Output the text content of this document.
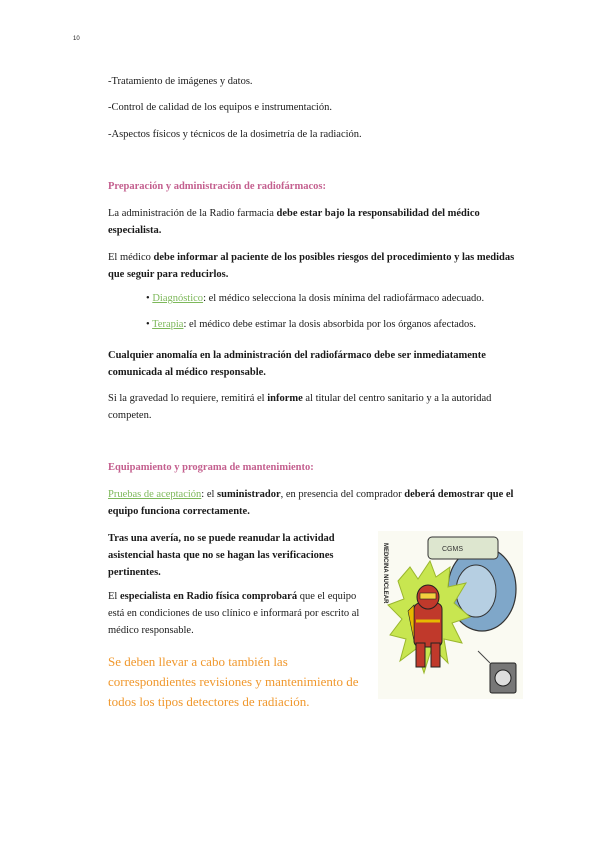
10

-Tratamiento de imágenes y datos.

-Control de calidad de los equipos e instrumentación.

-Aspectos físicos y técnicos de la dosimetría de la radiación.

Preparación y administración de radiofármacos:

La administración de la Radio farmacia debe estar bajo la responsabilidad del médico especialista.

El médico debe informar al paciente de los posibles riesgos del procedimiento y las medidas que seguir para reducirlos.

• Diagnóstico: el médico selecciona la dosis mínima del radiofármaco adecuado.
• Terapia: el médico debe estimar la dosis absorbida por los órganos afectados.

Cualquier anomalía en la administración del radiofármaco debe ser inmediatamente comunicada al médico responsable.

Si la gravedad lo requiere, remitirá el informe al titular del centro sanitario y a la autoridad competen.

Equipamiento y programa de mantenimiento:

Pruebas de aceptación: el suministrador, en presencia del comprador deberá demostrar que el equipo funciona correctamente.

Tras una avería, no se puede reanudar la actividad asistencial hasta que no se hagan las verificaciones pertinentes.

El especialista en Radio física comprobará que el equipo está en condiciones de uso clínico e informará por escrito al médico responsable.

Se deben llevar a cabo también las correspondientes revisiones y mantenimiento de todos los tipos detectores de radiación.

MEDICINA NUCLEAR	CGMS
